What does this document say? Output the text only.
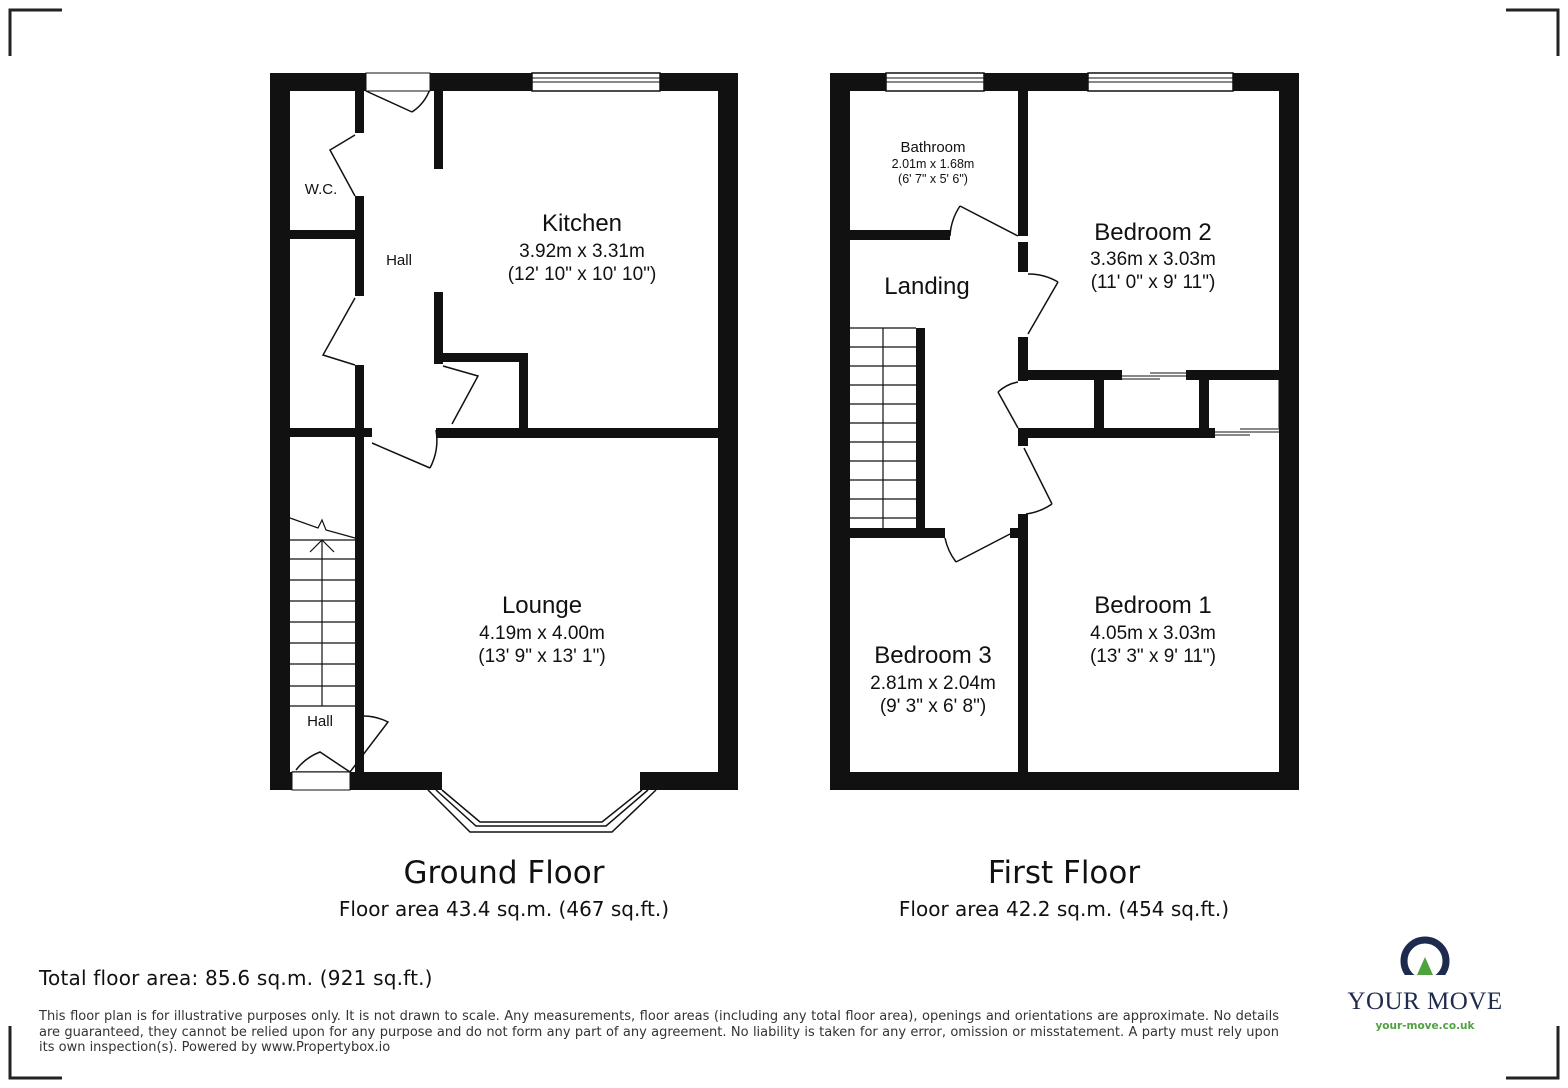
Kitchen
3.92m x 3.31m
(12' 10" x 10' 10")
Lounge
4.19m x 4.00m
(13' 9" x 13' 1")
W.C.
Hall
Hall
Ground Floor
Floor area 43.4 sq.m. (467 sq.ft.)
Bathroom
2.01m x 1.68m
(6' 7" x 5' 6")
Bedroom 2
3.36m x 3.03m
(11' 0" x 9' 11")
Landing
Bedroom 1
4.05m x 3.03m
(13' 3" x 9' 11")
Bedroom 3
2.81m x 2.04m
(9' 3" x 6' 8")
First Floor
Floor area 42.2 sq.m. (454 sq.ft.)
Total floor area: 85.6 sq.m. (921 sq.ft.)
This floor plan is for illustrative purposes only. It is not drawn to scale. Any measurements, floor areas (including any total floor area), openings and orientations are approximate. No details are guaranteed, they cannot be relied upon for any purpose and do not form any part of any agreement. No liability is taken for any error, omission or misstatement. A party must rely upon its own inspection(s). Powered by www.Propertybox.io
YOUR MOVE
your-move.co.uk
